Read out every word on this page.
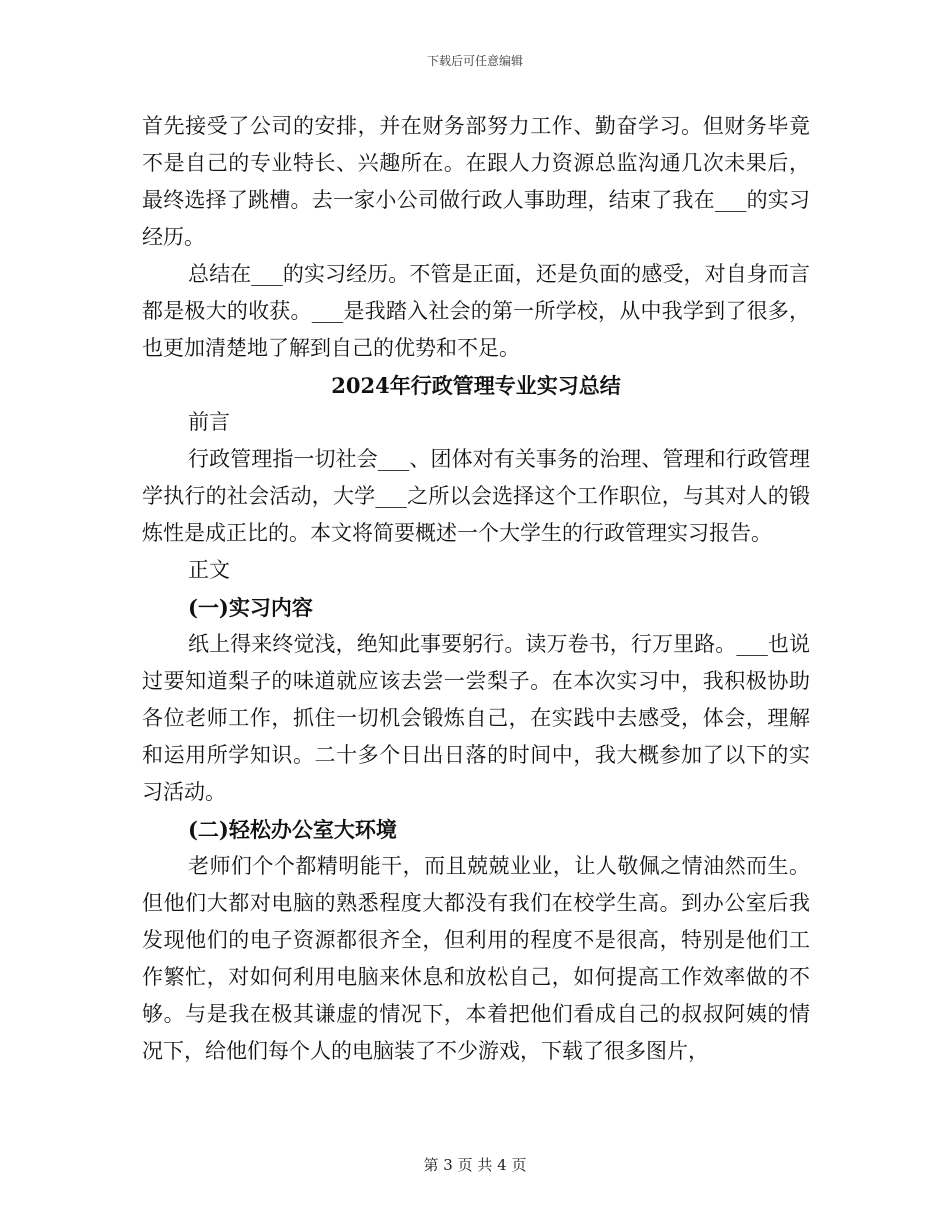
下载后可任意编辑

首先接受了公司的安排，并在财务部努力工作、勤奋学习。但财务毕竟不是自己的专业特长、兴趣所在。在跟人力资源总监沟通几次未果后，最终选择了跳槽。去一家小公司做行政人事助理，结束了我在___的实习经历。

总结在___的实习经历。不管是正面，还是负面的感受，对自身而言都是极大的收获。___是我踏入社会的第一所学校，从中我学到了很多，也更加清楚地了解到自己的优势和不足。

2024年行政管理专业实习总结

前言

行政管理指一切社会___、团体对有关事务的治理、管理和行政管理学执行的社会活动，大学___之所以会选择这个工作职位，与其对人的锻炼性是成正比的。本文将简要概述一个大学生的行政管理实习报告。

正文

(一)实习内容

纸上得来终觉浅，绝知此事要躬行。读万卷书，行万里路。___也说过要知道梨子的味道就应该去尝一尝梨子。在本次实习中，我积极协助各位老师工作，抓住一切机会锻炼自己，在实践中去感受，体会，理解和运用所学知识。二十多个日出日落的时间中，我大概参加了以下的实习活动。

(二)轻松办公室大环境

老师们个个都精明能干，而且兢兢业业，让人敬佩之情油然而生。但他们大都对电脑的熟悉程度大都没有我们在校学生高。到办公室后我发现他们的电子资源都很齐全，但利用的程度不是很高，特别是他们工作繁忙，对如何利用电脑来休息和放松自己，如何提高工作效率做的不够。与是我在极其谦虚的情况下，本着把他们看成自己的叔叔阿姨的情况下，给他们每个人的电脑装了不少游戏，下载了很多图片，

第 3 页 共 4 页
